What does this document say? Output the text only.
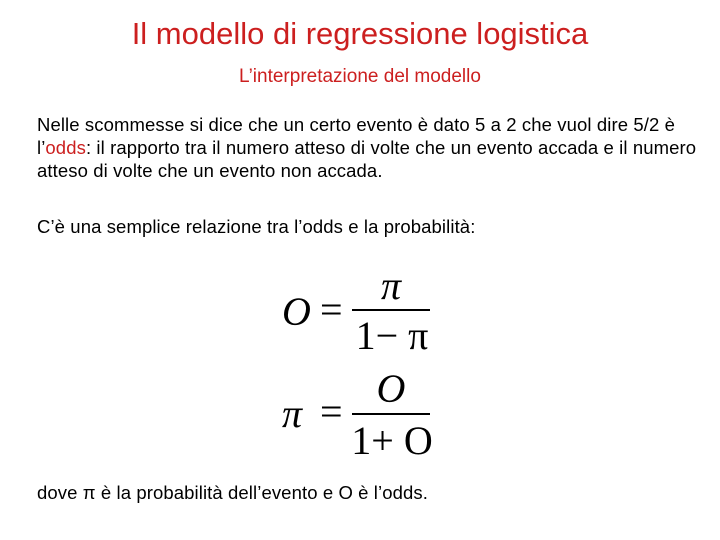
Il modello di regressione logistica
L’interpretazione del modello
Nelle scommesse si dice che un certo evento è dato 5 a 2 che vuol dire 5/2 è l’odds: il rapporto tra il numero atteso di volte che un evento accada e il numero atteso di volte che un evento non accada.
C’è una semplice relazione tra l’odds e la probabilità:
O =
π
1− π
π =
O
1+ O
dove π è la probabilità dell’evento e O è l’odds.
